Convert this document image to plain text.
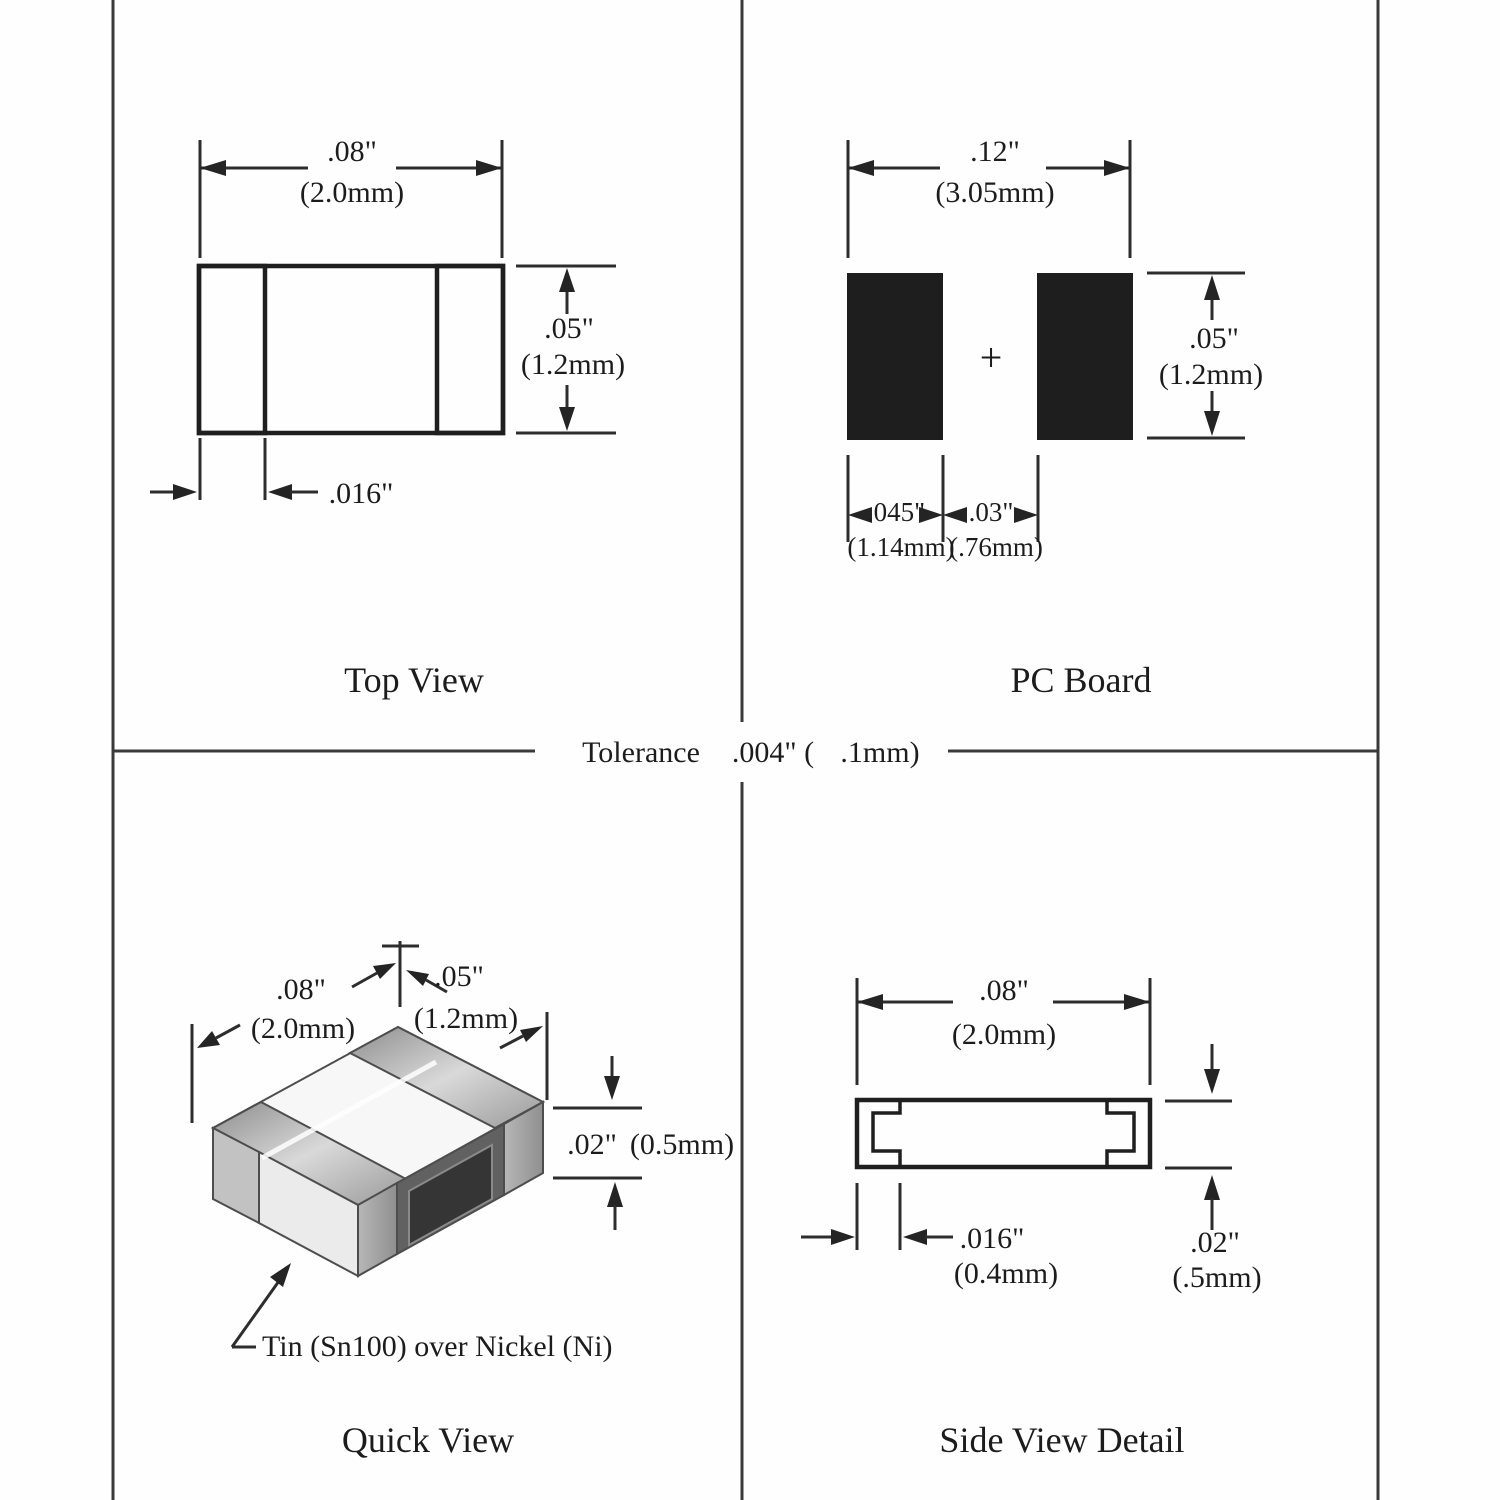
.08"
(2.0mm)
.05"
(1.2mm)
.016"
Top View
+
.12"
(3.05mm)
.05"
(1.2mm)
.045" .03"
(1.14mm)
(.76mm)
PC Board
Tolerance .004" ( .1mm)
.08"
(2.0mm)
.05"
(1.2mm)
.02" (0.5mm)
Tin (Sn100) over Nickel (Ni)
Quick View
.08"
(2.0mm)
.016"
(0.4mm)
.02"
(.5mm)
Side View Detail
